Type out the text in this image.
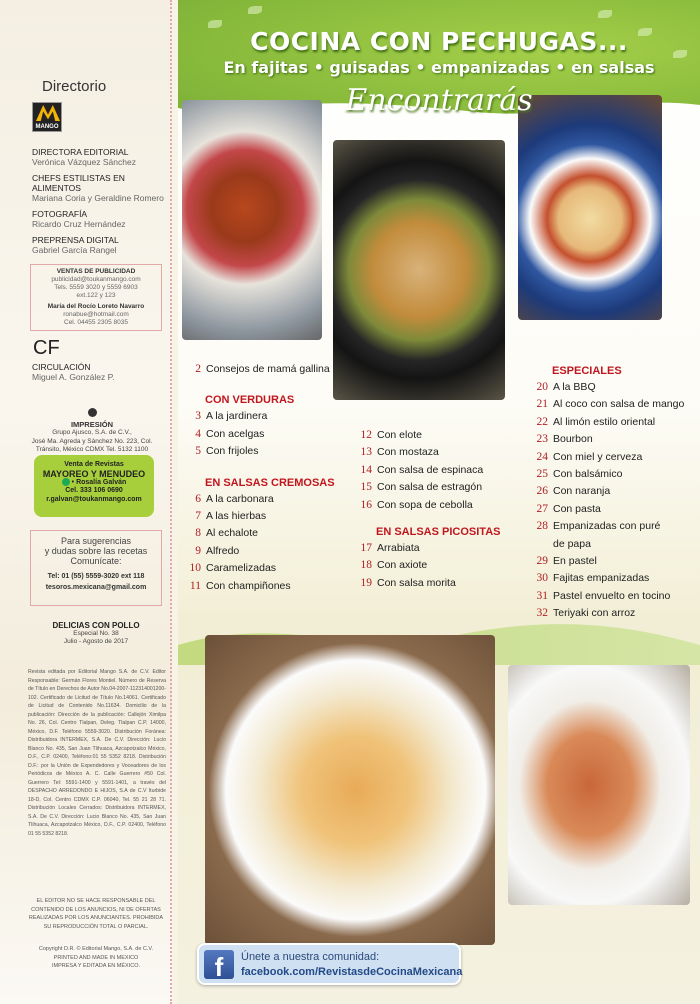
Directorio
MANGO
DIRECTORA EDITORIAL
Verónica Vázquez Sánchez
CHEFS ESTILISTAS EN ALIMENTOS
Mariana Coria y Geraldine Romero
FOTOGRAFÍA
Ricardo Cruz Hernández
PREPRENSA DIGITAL
Gabriel García Rangel
VENTAS DE PUBLICIDAD
publicidad@toukanmango.com
Tels. 5559 3020 y 5559 6903
ext.122 y 123
María del Rocío Loreto Navarro
ronabue@hotmail.com
Cel. 04455 2305 8035
CF
CIRCULACIÓN
Miguel A. González P.
IMPRESIÓN
Grupo Ajusco, S.A. de C.V.,
José Ma. Agreda y Sánchez No. 223, Col.
Tránsito, México CDMX Tel. 5132 1100
Venta de Revistas
MAYOREO Y MENUDEO
• Rosalía Galván
Cel. 333 106 0690
r.galvan@toukanmango.com
Para sugerencias
y dudas sobre las recetas
Comunícate:
Tel: 01 (55) 5559-3020 ext 118
tesoros.mexicana@gmail.com
DELICIAS CON POLLO
Especial No. 38
Julio - Agosto de 2017
Revista editada por Editorial Mango S.A. de C.V. Editor Responsable: Germán Flores Montiel. Número de Reserva de Título en Derechos de Autor No.04-2007-112314001200-102. Certificado de Licitud de Título No.14061. Certificado de Licitud de Contenido No.11634. Domicilio de la publicación: Dirección de la publicación: Callejón Ximilpa No. 26, Col. Centro Tlalpan, Deleg. Tlalpan C.P. 14000, México, D.F. Teléfono 5559-3020. Distribución Foránea: Distribuidora INTERMEX, S.A. De C.V. Dirección: Lucio Blanco No. 435, San Juan Tlihuaca, Azcapotzalco México, D.F., C.P. 02400, Teléfono:01 55 5352 8218. Distribución D.F.: por la Unión de Expendedores y Voceadores de los Periódicos de México A. C. Calle Guerrero #50 Col. Guerrero Tel: 5591-1400 y 5591-1401, a través del DESPACHO ARREDONDO E HIJOS, S.A de C.V Iturbide 18-D, Col. Centro CDMX C.P. 06040, Tel. 55 21 28 71. Distribución Locales Cerrados: Distribuidora INTERMEX, S.A. De C.V. Dirección: Lucio Blanco No. 435, San Juan Tlihuaca, Azcapotzalco México, D.F., C.P. 02400, Teléfono 01 55 5352 8218.
EL EDITOR NO SE HACE RESPONSABLE DEL CONTENIDO DE LOS ANUNCIOS, NI DE OFERTAS REALIZADAS POR LOS ANUNCIANTES. PROHIBIDA SU REPRODUCCIÓN TOTAL O PARCIAL.
Copyright D.R. © Editorial Mango, S.A. de C.V.
PRINTED AND MADE IN MEXICO
IMPRESA Y EDITADA EN MÉXICO.
COCINA CON PECHUGAS...
En fajitas • guisadas • empanizadas • en salsas
Encontrarás
2 Consejos de mamá gallina
CON VERDURAS
3 A la jardinera
4 Con acelgas
5 Con frijoles
EN SALSAS CREMOSAS
6 A la carbonara
7 A las hierbas
8 Al echalote
9 Alfredo
10 Caramelizadas
11 Con champiñones
12 Con elote
13 Con mostaza
14 Con salsa de espinaca
15 Con salsa de estragón
16 Con sopa de cebolla
EN SALSAS PICOSITAS
17 Arrabiata
18 Con axiote
19 Con salsa morita
ESPECIALES
20 A la BBQ
21 Al coco con salsa de mango
22 Al limón estilo oriental
23 Bourbon
24 Con miel y cerveza
25 Con balsámico
26 Con naranja
27 Con pasta
28 Empanizadas con puré
de papa
29 En pastel
30 Fajitas empanizadas
31 Pastel envuelto en tocino
32 Teriyaki con arroz
f	Únete a nuestra comunidad:
facebook.com/RevistasdeCocinaMexicana
